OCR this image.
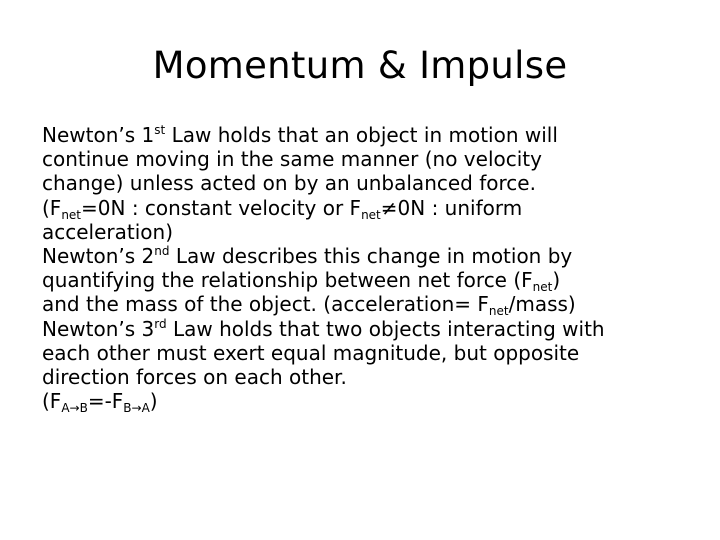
Momentum & Impulse

Newton’s 1st Law holds that an object in motion will
continue moving in the same manner (no velocity
change) unless acted on by an unbalanced force.
($F_{net}=0N$ : constant velocity or $F_{net}\ne 0N$ : uniform
acceleration)

Newton’s 2nd Law describes this change in motion by
quantifying the relationship between net force $(F_{net})$
and the mass of the object. (acceleration= $F_{net}/mass$)

Newton’s 3rd Law holds that two objects interacting with
each other must exert equal magnitude, but opposite
direction forces on each other.
$(F_{A\to B}=-F_{B\to A})$
